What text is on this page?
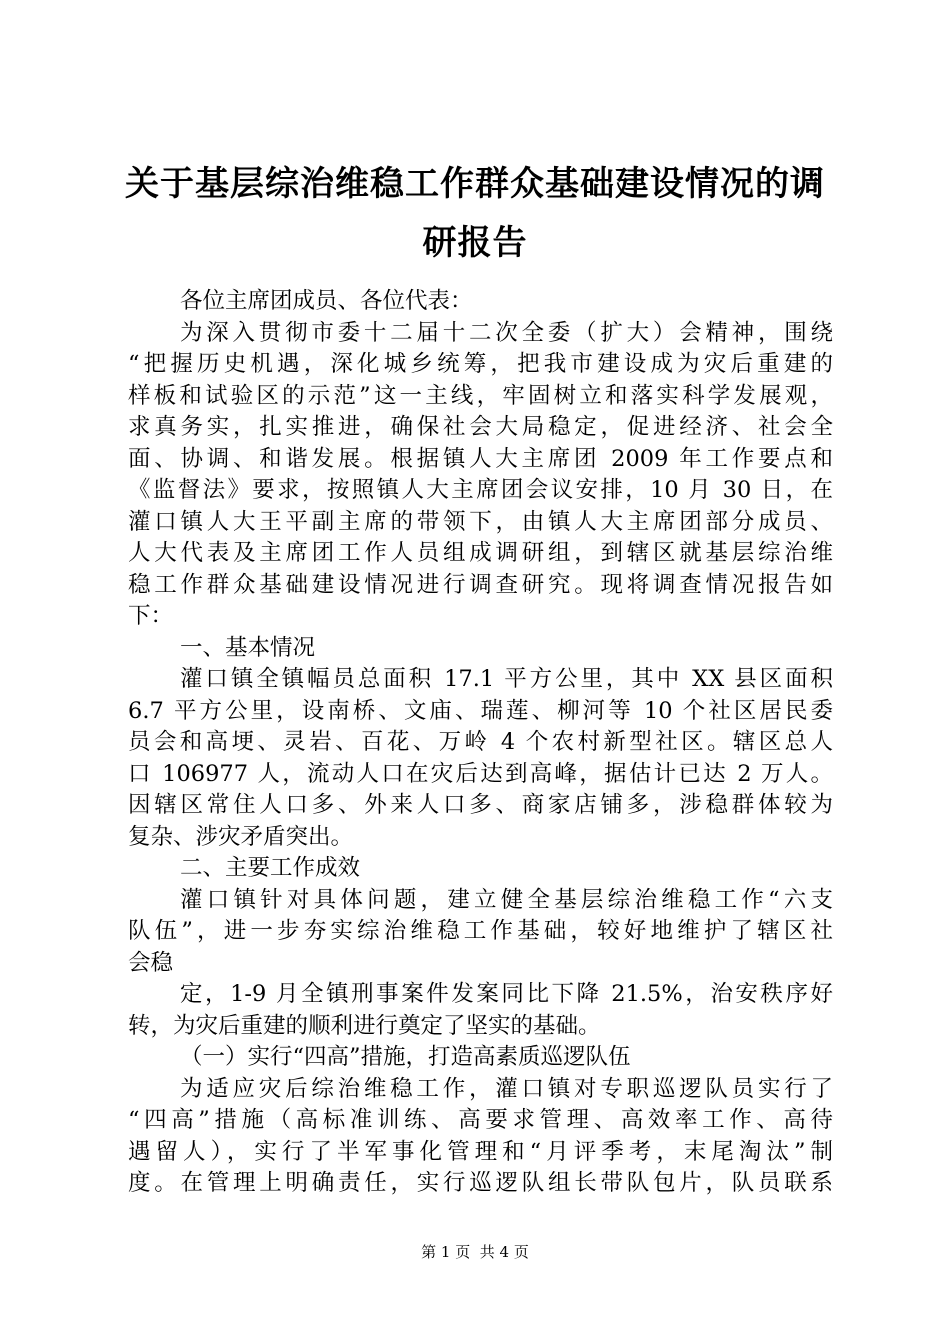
关于基层综治维稳工作群众基础建设情况的调
研报告
各位主席团成员、各位代表：
为深入贯彻市委十二届十二次全委（扩大）会精神，围绕
“把握历史机遇，深化城乡统筹，把我市建设成为灾后重建的
样板和试验区的示范”这一主线，牢固树立和落实科学发展观，
求真务实，扎实推进，确保社会大局稳定，促进经济、社会全
面、协调、和谐发展。根据镇人大主席团 2009 年工作要点和
《监督法》要求，按照镇人大主席团会议安排，10 月 30 日，在
灌口镇人大王平副主席的带领下，由镇人大主席团部分成员、
人大代表及主席团工作人员组成调研组，到辖区就基层综治维
稳工作群众基础建设情况进行调查研究。现将调查情况报告如
下：
一、基本情况
灌口镇全镇幅员总面积 17.1 平方公里，其中 XX 县区面积
6.7 平方公里，设南桥、文庙、瑞莲、柳河等 10 个社区居民委
员会和高埂、灵岩、百花、万岭 4 个农村新型社区。辖区总人
口 106977 人，流动人口在灾后达到高峰，据估计已达 2 万人。
因辖区常住人口多、外来人口多、商家店铺多，涉稳群体较为
复杂、涉灾矛盾突出。
二、主要工作成效
灌口镇针对具体问题，建立健全基层综治维稳工作“六支
队伍”，进一步夯实综治维稳工作基础，较好地维护了辖区社
会稳
定，1-9 月全镇刑事案件发案同比下降 21.5%，治安秩序好
转，为灾后重建的顺利进行奠定了坚实的基础。
（一）实行“四高”措施，打造高素质巡逻队伍
为适应灾后综治维稳工作，灌口镇对专职巡逻队员实行了
“四高”措施（高标准训练、高要求管理、高效率工作、高待
遇留人），实行了半军事化管理和“月评季考，末尾淘汰”制
度。在管理上明确责任，实行巡逻队组长带队包片，队员联系
第 1 页  共 4 页
